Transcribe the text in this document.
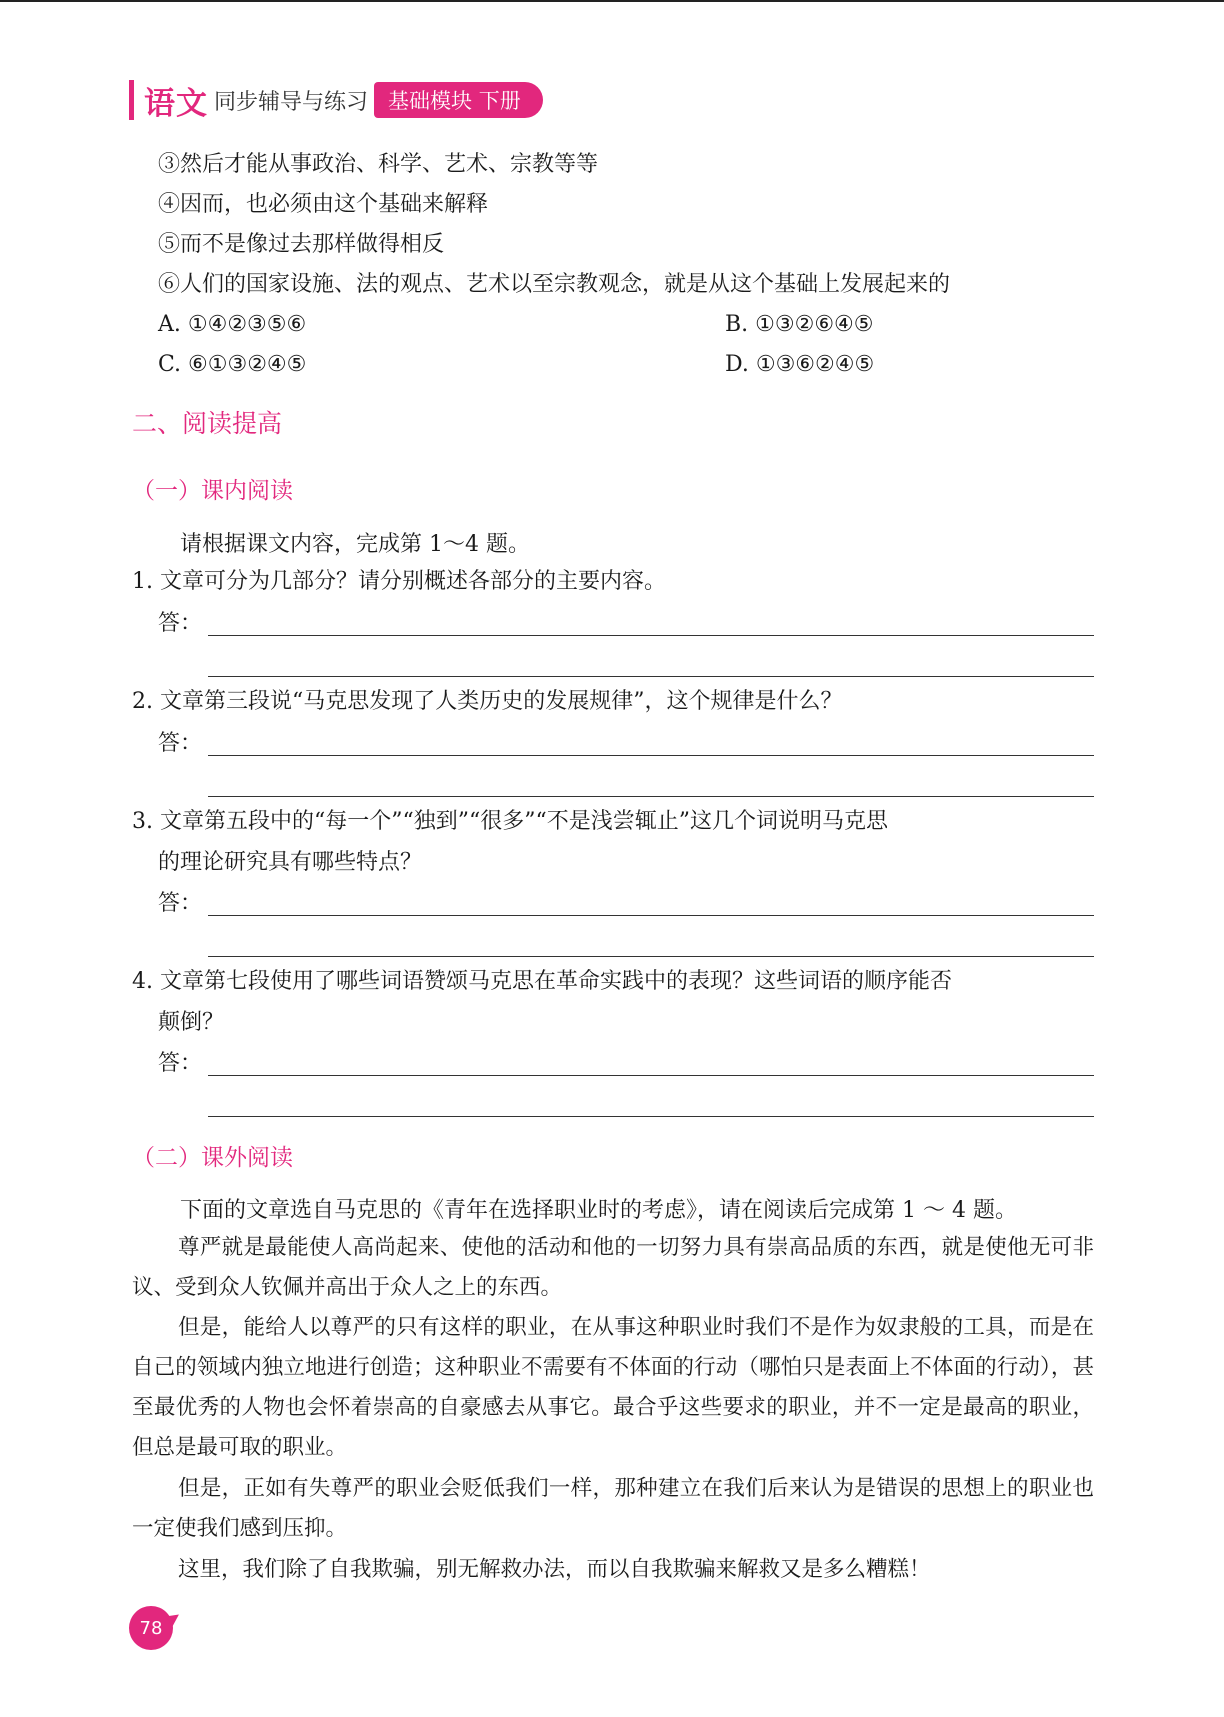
语文 同步辅导与练习 基础模块 下册
③然后才能从事政治、科学、艺术、宗教等等
④因而，也必须由这个基础来解释
⑤而不是像过去那样做得相反
⑥人们的国家设施、法的观点、艺术以至宗教观念，就是从这个基础上发展起来的
A. ①④②③⑤⑥	B. ①③②⑥④⑤
C. ⑥①③②④⑤	D. ①③⑥②④⑤
二、阅读提高
（一）课内阅读
请根据课文内容，完成第 1～4 题。
1. 文章可分为几部分？请分别概述各部分的主要内容。
答：
2. 文章第三段说“马克思发现了人类历史的发展规律”，这个规律是什么？
答：
3. 文章第五段中的“每一个”“独到”“很多”“不是浅尝辄止”这几个词说明马克思
的理论研究具有哪些特点？
答：
4. 文章第七段使用了哪些词语赞颂马克思在革命实践中的表现？这些词语的顺序能否
颠倒？
答：
（二）课外阅读
下面的文章选自马克思的《青年在选择职业时的考虑》，请在阅读后完成第 1 ～ 4 题。
尊严就是最能使人高尚起来、使他的活动和他的一切努力具有崇高品质的东西，就是使他无可非议、受到众人钦佩并高出于众人之上的东西。
但是，能给人以尊严的只有这样的职业，在从事这种职业时我们不是作为奴隶般的工具，而是在自己的领域内独立地进行创造；这种职业不需要有不体面的行动（哪怕只是表面上不体面的行动），甚至最优秀的人物也会怀着崇高的自豪感去从事它。最合乎这些要求的职业，并不一定是最高的职业，但总是最可取的职业。
但是，正如有失尊严的职业会贬低我们一样，那种建立在我们后来认为是错误的思想上的职业也一定使我们感到压抑。
这里，我们除了自我欺骗，别无解救办法，而以自我欺骗来解救又是多么糟糕！
78
